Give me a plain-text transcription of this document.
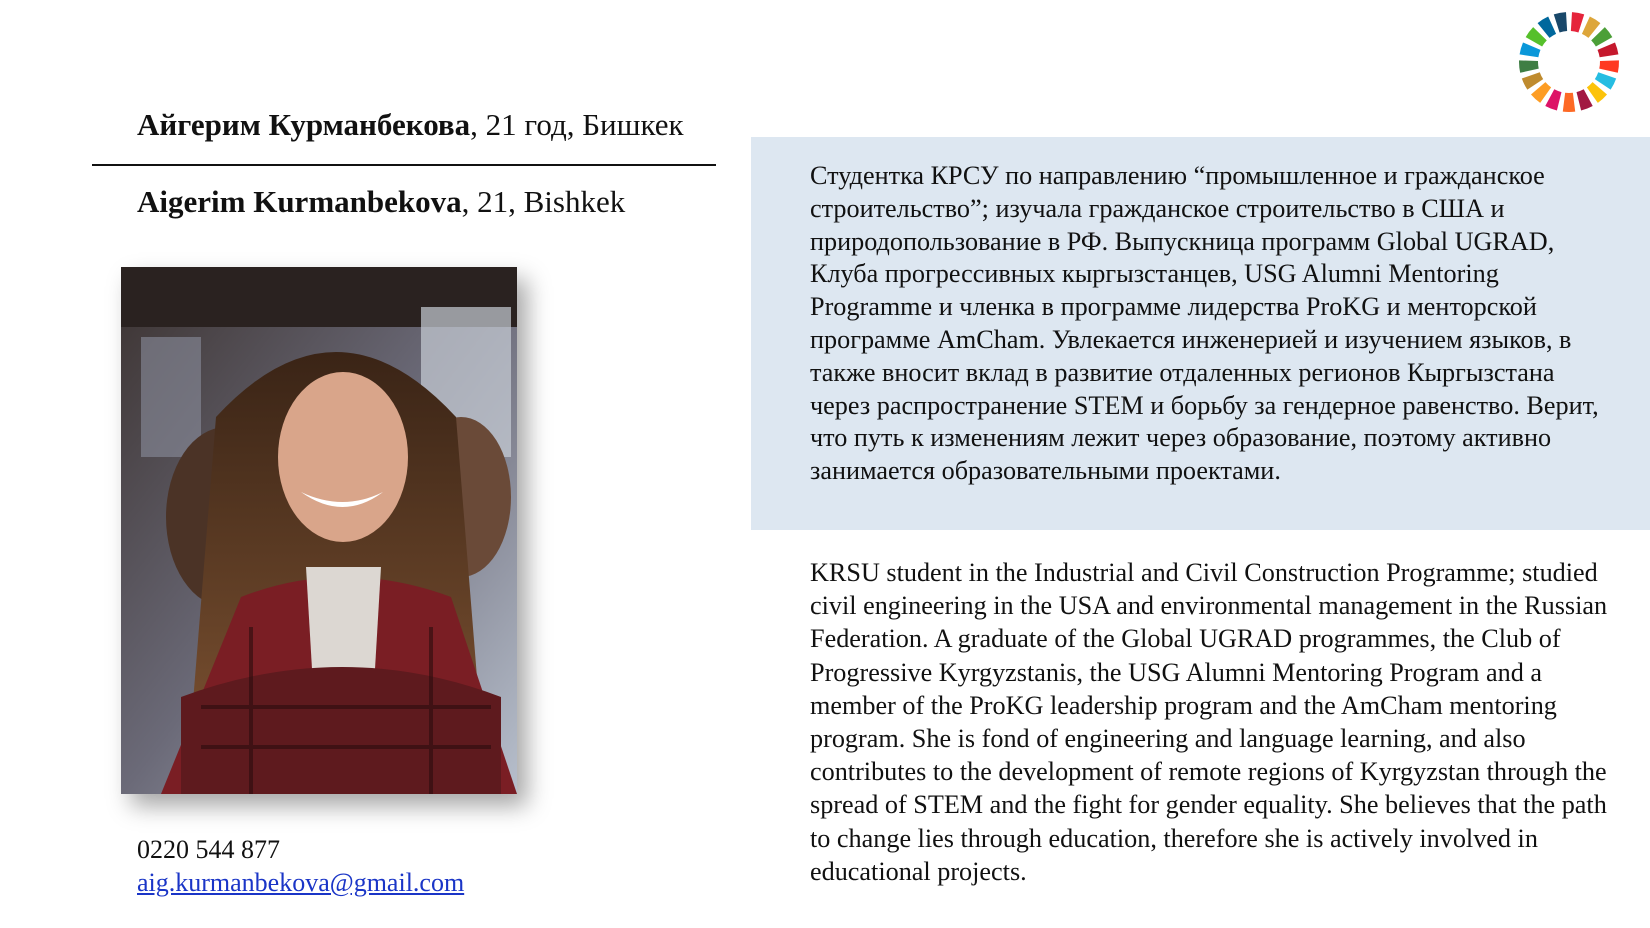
Айгерим Курманбекова, 21 год, Бишкек
Aigerim Kurmanbekova, 21, Bishkek
0220 544 877
aig.kurmanbekova@gmail.com

Студентка КРСУ по направлению “промышленное и гражданское строительство”; изучала гражданское строительство в США и природопользование в РФ. Выпускница программ Global UGRAD, Клуба прогрессивных кыргызстанцев, USG Alumni Mentoring Programme и членка в программе лидерства ProKG и менторской программе AmCham. Увлекается инженерией и изучением языков, в также вносит вклад в развитие отдаленных регионов Кыргызстана через распространение STEM и борьбу за гендерное равенство. Верит, что путь к изменениям лежит через образование, поэтому активно занимается образовательными проектами.

KRSU student in the Industrial and Civil Construction Programme; studied civil engineering in the USA and environmental management in the Russian Federation. A graduate of the Global UGRAD programmes, the Club of Progressive Kyrgyzstanis, the USG Alumni Mentoring Program and a member of the ProKG leadership program and the AmCham mentoring program. She is fond of engineering and language learning, and also contributes to the development of remote regions of Kyrgyzstan through the spread of STEM and the fight for gender equality. She believes that the path to change lies through education, therefore she is actively involved in educational projects.
